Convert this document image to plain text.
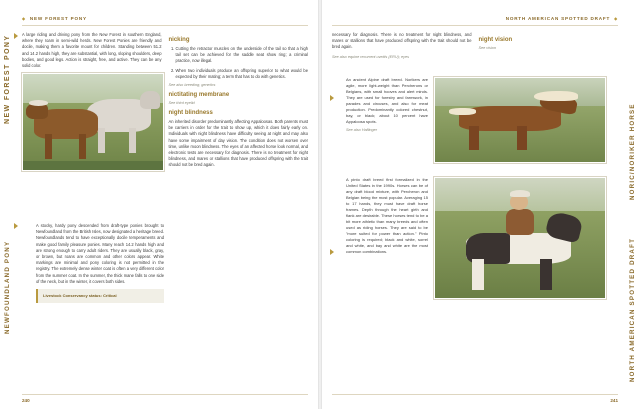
◆ NEW FOREST PONY
NEW FOREST PONY

A large riding and driving pony from the New Forest in southern England, where they roam in semi-wild herds. New Forest Ponies are friendly and docile, making them a favorite mount for children. Standing between 51.2 and 14.2 hands high, they are substantial, with long, sloping shoulders, deep bodies, and good legs. Action is straight, free, and active. They can be any solid color.

nicking
1. Cutting the retractor muscles on the underside of the tail so that a high tail set can be achieved for the saddle seat show ring; a criminal practice, now illegal.
2. When two individuals produce an offspring superior to what would be expected by their mating; a term that has to do with genetics.

See also breeding; genetics

nictitating membrane

See third eyelid

night blindness

An inherited disorder predominantly affecting Appaloosas. Both parents must be carriers in order for the trait to show up, which it does fairly early on. Individuals with night blindness have difficulty seeing at night and may also have some impairment of day vision. The condition does not worsen over time, unlike moon blindness. The eyes of an affected horse look normal, and electronic tests are necessary for diagnosis. There is no treatment for night blindness, and mares or stallions that have produced offspring with the trait should not be bred again.

NEWFOUNDLAND PONY

A stocky, hardy pony descended from draft-type ponies brought to Newfoundland from the British Isles, now designated a heritage breed. Newfoundlands tend to have exceptionally docile temperaments and make good family pleasure ponies. Many reach 14.2 hands high and are strong enough to carry adult riders. They are usually black, gray, or brown, but roans are common and other colors appear. White markings are minimal and pony coloring is not permitted in the registry. The extremely dense winter coat is often a very different color from the summer coat. In the summer, the thick mane falls to one side of the neck, but in the winter, it covers both sides.

Livestock Conservancy status: Critical

240
NORTH AMERICAN SPOTTED DRAFT ◆

necessary for diagnosis. There is no treatment for night blindness, and mares or stallions that have produced offspring with the trait should not be bred again.

See also equine recurrent uveitis (ERU); eyes

night vision

See vision

NORIC/NORIKER HORSE
An ancient Alpine draft breed. Norikers are agile, more light-weight than Percherons or Belgians, with small hooves and alert minds. They are used for forestry and farmwork, in parades and circuses, and also for meat production. Predominantly colored chestnut, bay, or black; about 10 percent have Appaloosa spots.
See also Haflinger
NORTH AMERICAN SPOTTED DRAFT
A pinto draft breed first formalized in the United States in the 1990s. Horses can be of any draft blood mixture, with Percheron and Belgian being the most popular. Averaging 15 to 17 hands, they must have draft horse frames. Depth through the heart girth and flank are desirable. These horses tend to be a bit more athletic than many breeds and often used as riding horses. They are said to be "more suited for power than action." Pinto coloring is required; black and white, sorrel and white, and bay and white are the most common combinations.
241
